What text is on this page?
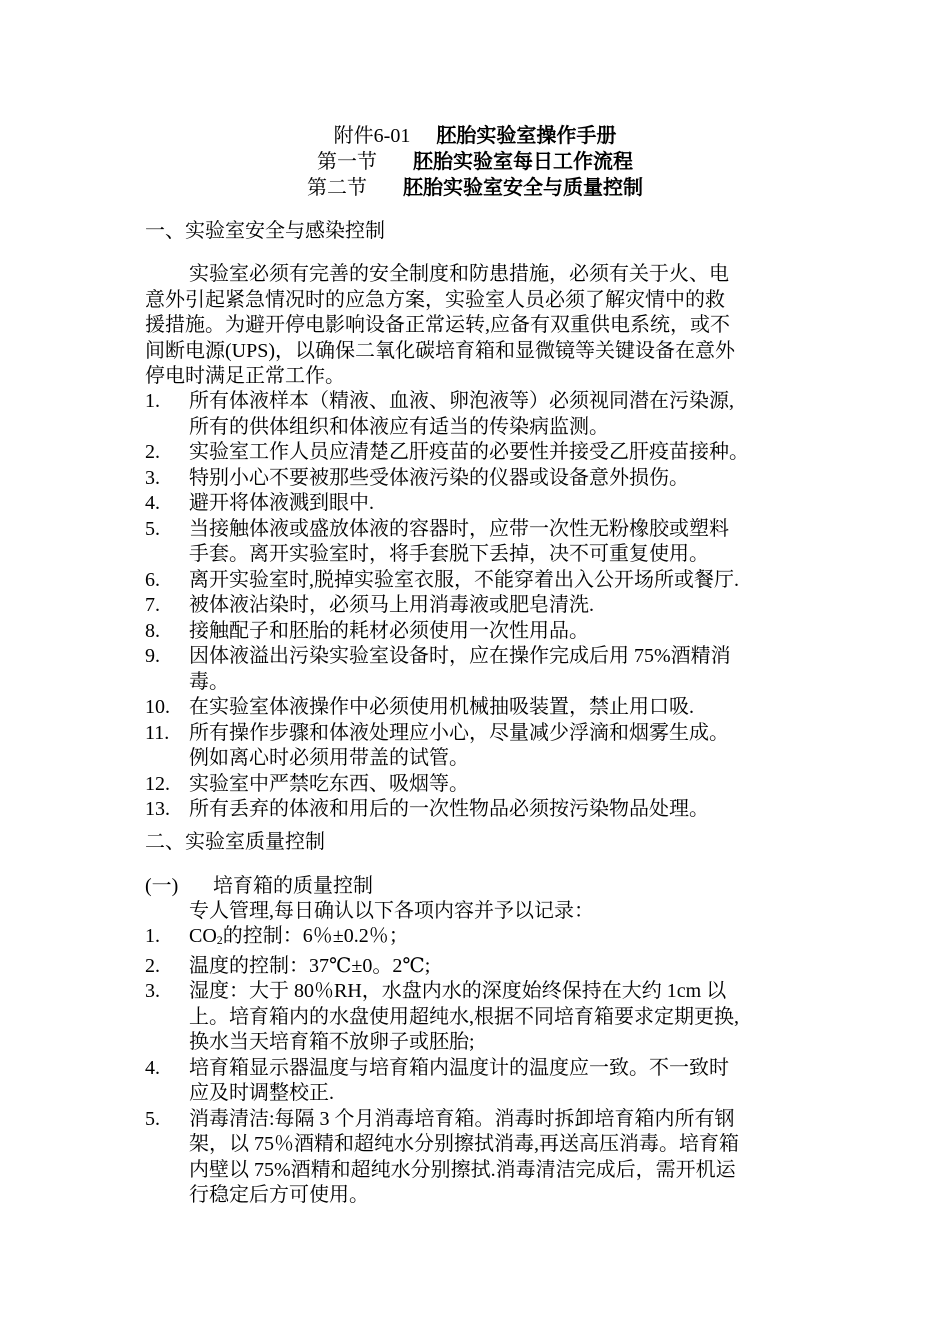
附件6-01 胚胎实验室操作手册
第一节 胚胎实验室每日工作流程
第二节 胚胎实验室安全与质量控制
一、实验室安全与感染控制
实验室必须有完善的安全制度和防患措施，必须有关于火、电
意外引起紧急情况时的应急方案，实验室人员必须了解灾情中的救
援措施。为避开停电影响设备正常运转,应备有双重供电系统，或不
间断电源(UPS)，以确保二氧化碳培育箱和显微镜等关键设备在意外
停电时满足正常工作。
1.	所有体液样本（精液、血液、卵泡液等）必须视同潜在污染源,
所有的供体组织和体液应有适当的传染病监测。
2.	实验室工作人员应清楚乙肝疫苗的必要性并接受乙肝疫苗接种。
3.	特别小心不要被那些受体液污染的仪器或设备意外损伤。
4.	避开将体液溅到眼中.
5.	当接触体液或盛放体液的容器时，应带一次性无粉橡胶或塑料
手套。离开实验室时，将手套脱下丢掉，决不可重复使用。
6.	离开实验室时,脱掉实验室衣服，不能穿着出入公开场所或餐厅.
7.	被体液沾染时，必须马上用消毒液或肥皂清洗.
8.	接触配子和胚胎的耗材必须使用一次性用品。
9.	因体液溢出污染实验室设备时，应在操作完成后用 75%酒精消
毒。
10. 在实验室体液操作中必须使用机械抽吸装置，禁止用口吸.
11. 所有操作步骤和体液处理应小心，尽量减少浮滴和烟雾生成。
例如离心时必须用带盖的试管。
12. 实验室中严禁吃东西、吸烟等。
13. 所有丢弃的体液和用后的一次性物品必须按污染物品处理。
二、实验室质量控制
(一) 培育箱的质量控制
专人管理,每日确认以下各项内容并予以记录：
1.	$CO_2$的控制：6％±0.2％；
2.	温度的控制：37℃±0。2℃;
3.	湿度：大于 80％RH，水盘内水的深度始终保持在大约 1cm 以
上。培育箱内的水盘使用超纯水,根据不同培育箱要求定期更换,
换水当天培育箱不放卵子或胚胎;
4.	培育箱显示器温度与培育箱内温度计的温度应一致。不一致时
应及时调整校正.
5.	消毒清洁:每隔 3 个月消毒培育箱。消毒时拆卸培育箱内所有钢
架，以 75％酒精和超纯水分别擦拭消毒,再送高压消毒。培育箱
内壁以 75%酒精和超纯水分别擦拭.消毒清洁完成后，需开机运
行稳定后方可使用。
